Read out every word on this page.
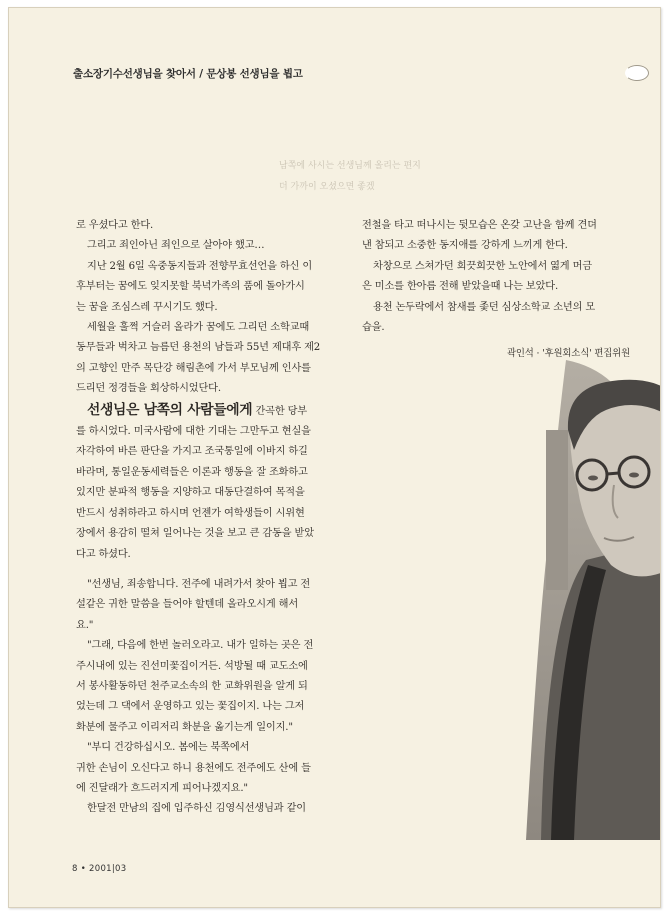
남쪽에 사시는 선생님께 올리는 편지
더 가까이 오셨으면 좋겠
출소장기수선생님을 찾아서 / 문상봉 선생님을 뵙고

로 우셨다고 한다.

그리고 죄인아닌 죄인으로 살아야 했고…

지난 2월 6일 옥중동지들과 전향무효선언을 하신 이

후부터는 꿈에도 잊지못할 북녁가족의 품에 돌아가시

는 꿈을 조심스레 꾸시기도 했다.

세월을 훌쩍 거슬러 올라가 꿈에도 그리던 소학교때

동무들과 벅차고 늠름던 용천의 남들과 55년 제대후 제2

의 고향인 만주 목단강 해림촌에 가서 부모님께 인사를

드리던 정경들을 회상하시었단다.

선생님은 남쪽의 사람들에게 간곡한 당부

를 하시었다. 미국사람에 대한 기대는 그만두고 현실을

자각하여 바른 판단을 가지고 조국통일에 이바지 하길

바라며, 통일운동세력들은 이론과 행동을 잘 조화하고

있지만 분파적 행동을 지양하고 대동단결하여 목적을

반드시 성취하라고 하시며 언젠가 여학생들이 시위현

장에서 용감히 떨쳐 일어나는 것을 보고 큰 감동을 받았

다고 하셨다.

"선생님, 죄송합니다. 전주에 내려가서 찾아 뵙고 전

설같은 귀한 말씀을 들어야 할텐데 올라오시게 해서

요."

"그래, 다음에 한번 놀러오라고. 내가 일하는 곳은 전

주시내에 있는 진선미꽃집이거든. 석방될 때 교도소에

서 봉사활동하던 천주교소속의 한 교화위원을 알게 되

었는데 그 댁에서 운영하고 있는 꽃집이지. 나는 그저

화분에 물주고 이리저리 화분을 옮기는게 일이지."

"부디 건강하십시오. 봄에는 북쪽에서

귀한 손님이 오신다고 하니 용천에도 전주에도 산에 들

에 진달래가 흐드러지게 피어나겠지요."

한달전 만남의 집에 입주하신 김영식선생님과 같이

전철을 타고 떠나시는 뒷모습은 온갖 고난을 함께 견뎌

낸 참되고 소중한 동지애를 강하게 느끼게 한다.

차창으로 스쳐가던 희끗희끗한 노안에서 엷게 머금

은 미소를 한아름 전해 받았을때 나는 보았다.

용천 논두락에서 참새를 좇던 심상소학교 소년의 모

습을.

곽인석 · '후원회소식' 편집위원

8 • 2001|03
